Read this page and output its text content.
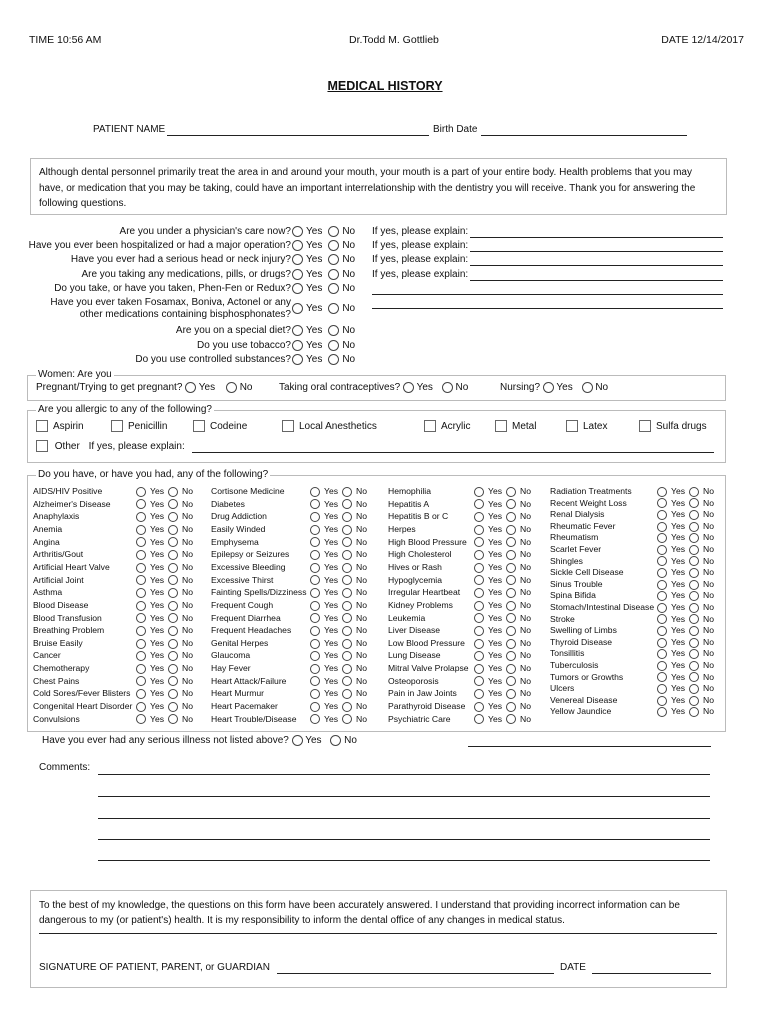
TIME 10:56 AM	Dr.Todd M. Gottlieb	DATE 12/14/2017
MEDICAL HISTORY
PATIENT NAME	Birth Date
Although dental personnel primarily treat the area in and around your mouth, your mouth is a part of your entire body. Health problems that you may have, or medication that you may be taking, could have an important interrelationship with the dentistry you will receive. Thank you for answering the following questions.
Are you under a physician's care now?	Yes No If yes, please explain:
Have you ever been hospitalized or had a major operation?	Yes No If yes, please explain:
Have you ever had a serious head or neck injury?	Yes No If yes, please explain:
Are you taking any medications, pills, or drugs?	Yes No If yes, please explain:
Do you take, or have you taken, Phen-Fen or Redux?	Yes No
Have you ever taken Fosamax, Boniva, Actonel or any
other medications containing bisphosphonates?	Yes No
Are you on a special diet?	Yes No
Do you use tobacco?	Yes No
Do you use controlled substances?	Yes No
Women: Are you
Pregnant/Trying to get pregnant? Yes No	Taking oral contraceptives? Yes No	Nursing? Yes No
Are you allergic to any of the following?
Aspirin	Penicillin	Codeine	Local Anesthetics	Acrylic	Metal	Latex	Sulfa drugs
Other If yes, please explain:
Do you have, or have you had, any of the following?
AIDS/HIV Positive	Yes No
Alzheimer's Disease	Yes No
Anaphylaxis	Yes No
Anemia	Yes No
Angina	Yes No
Arthritis/Gout	Yes No
Artificial Heart Valve	Yes No
Artificial Joint	Yes No
Asthma	Yes No
Blood Disease	Yes No
Blood Transfusion	Yes No
Breathing Problem	Yes No
Bruise Easily	Yes No
Cancer	Yes No
Chemotherapy	Yes No
Chest Pains	Yes No
Cold Sores/Fever Blisters	Yes No
Congenital Heart Disorder	Yes No
Convulsions	Yes No
Cortisone Medicine	Yes No
Diabetes	Yes No
Drug Addiction	Yes No
Easily Winded	Yes No
Emphysema	Yes No
Epilepsy or Seizures	Yes No
Excessive Bleeding	Yes No
Excessive Thirst	Yes No
Fainting Spells/Dizziness	Yes No
Frequent Cough	Yes No
Frequent Diarrhea	Yes No
Frequent Headaches	Yes No
Genital Herpes	Yes No
Glaucoma	Yes No
Hay Fever	Yes No
Heart Attack/Failure	Yes No
Heart Murmur	Yes No
Heart Pacemaker	Yes No
Heart Trouble/Disease	Yes No
Hemophilia	Yes No
Hepatitis A	Yes No
Hepatitis B or C	Yes No
Herpes	Yes No
High Blood Pressure	Yes No
High Cholesterol	Yes No
Hives or Rash	Yes No
Hypoglycemia	Yes No
Irregular Heartbeat	Yes No
Kidney Problems	Yes No
Leukemia	Yes No
Liver Disease	Yes No
Low Blood Pressure	Yes No
Lung Disease	Yes No
Mitral Valve Prolapse	Yes No
Osteoporosis	Yes No
Pain in Jaw Joints	Yes No
Parathyroid Disease	Yes No
Psychiatric Care	Yes No
Radiation Treatments	Yes No
Recent Weight Loss	Yes No
Renal Dialysis	Yes No
Rheumatic Fever	Yes No
Rheumatism	Yes No
Scarlet Fever	Yes No
Shingles	Yes No
Sickle Cell Disease	Yes No
Sinus Trouble	Yes No
Spina Bifida	Yes No
Stomach/Intestinal Disease	Yes No
Stroke	Yes No
Swelling of Limbs	Yes No
Thyroid Disease	Yes No
Tonsillitis	Yes No
Tuberculosis	Yes No
Tumors or Growths	Yes No
Ulcers	Yes No
Venereal Disease	Yes No
Yellow Jaundice	Yes No
Have you ever had any serious illness not listed above? Yes No
Comments:
To the best of my knowledge, the questions on this form have been accurately answered. I understand that providing incorrect information can be dangerous to my (or patient's) health. It is my responsibility to inform the dental office of any changes in medical status.
SIGNATURE OF PATIENT, PARENT, or GUARDIAN	DATE
